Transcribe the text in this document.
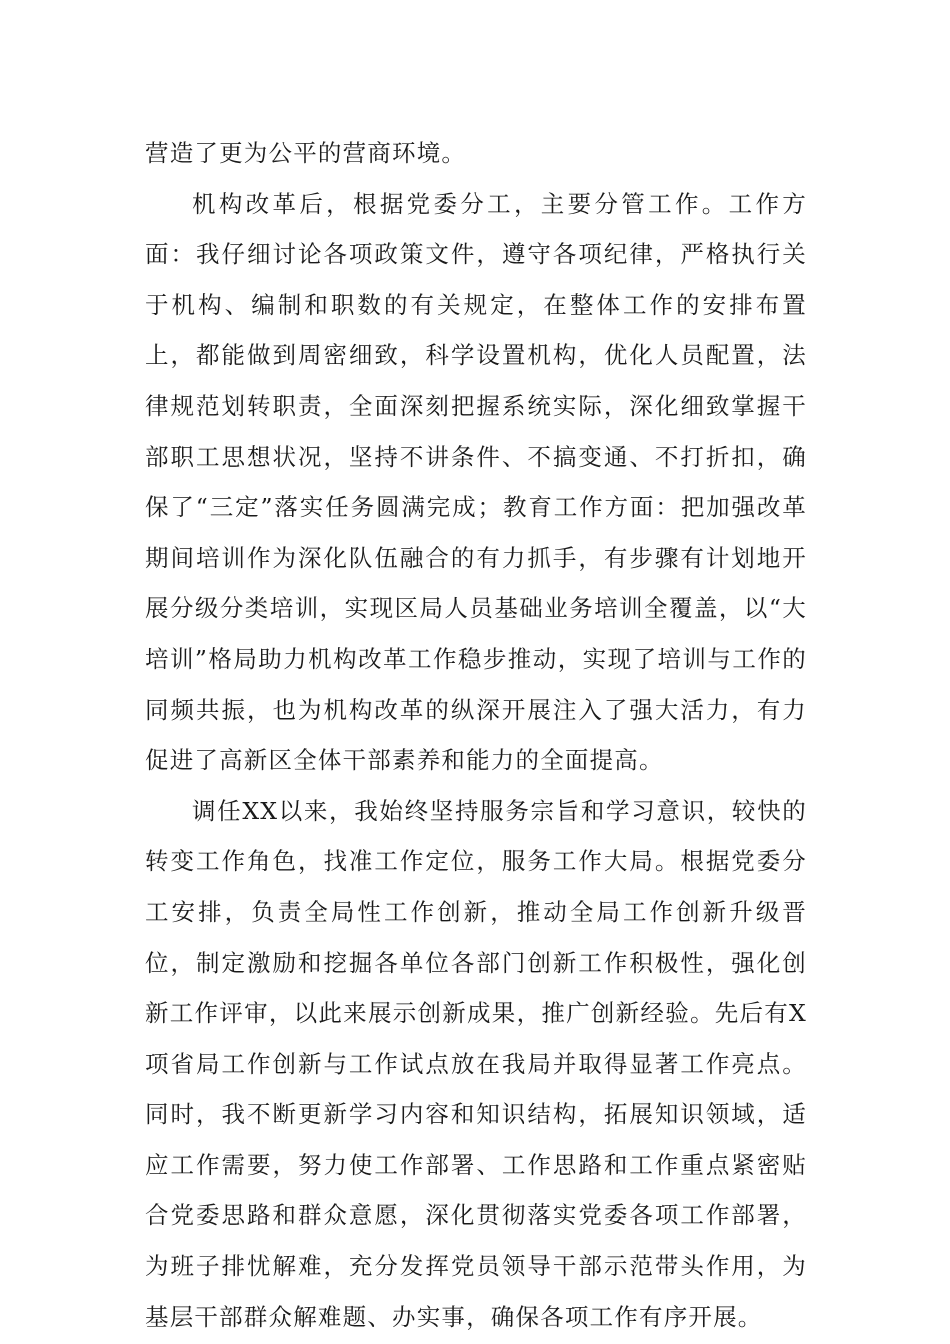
营造了更为公平的营商环境。

机构改革后，根据党委分工，主要分管工作。工作方面：我仔细讨论各项政策文件，遵守各项纪律，严格执行关于机构、编制和职数的有关规定，在整体工作的安排布置上，都能做到周密细致，科学设置机构，优化人员配置，法律规范划转职责，全面深刻把握系统实际，深化细致掌握干部职工思想状况，坚持不讲条件、不搞变通、不打折扣，确保了“三定”落实任务圆满完成；教育工作方面：把加强改革期间培训作为深化队伍融合的有力抓手，有步骤有计划地开展分级分类培训，实现区局人员基础业务培训全覆盖，以“大培训”格局助力机构改革工作稳步推动，实现了培训与工作的同频共振，也为机构改革的纵深开展注入了强大活力，有力促进了高新区全体干部素养和能力的全面提高。

调任XX以来，我始终坚持服务宗旨和学习意识，较快的转变工作角色，找准工作定位，服务工作大局。根据党委分工安排，负责全局性工作创新，推动全局工作创新升级晋位，制定激励和挖掘各单位各部门创新工作积极性，强化创新工作评审，以此来展示创新成果，推广创新经验。先后有X项省局工作创新与工作试点放在我局并取得显著工作亮点。同时，我不断更新学习内容和知识结构，拓展知识领域，适应工作需要，努力使工作部署、工作思路和工作重点紧密贴合党委思路和群众意愿，深化贯彻落实党委各项工作部署，为班子排忧解难，充分发挥党员领导干部示范带头作用，为基层干部群众解难题、办实事，确保各项工作有序开展。
